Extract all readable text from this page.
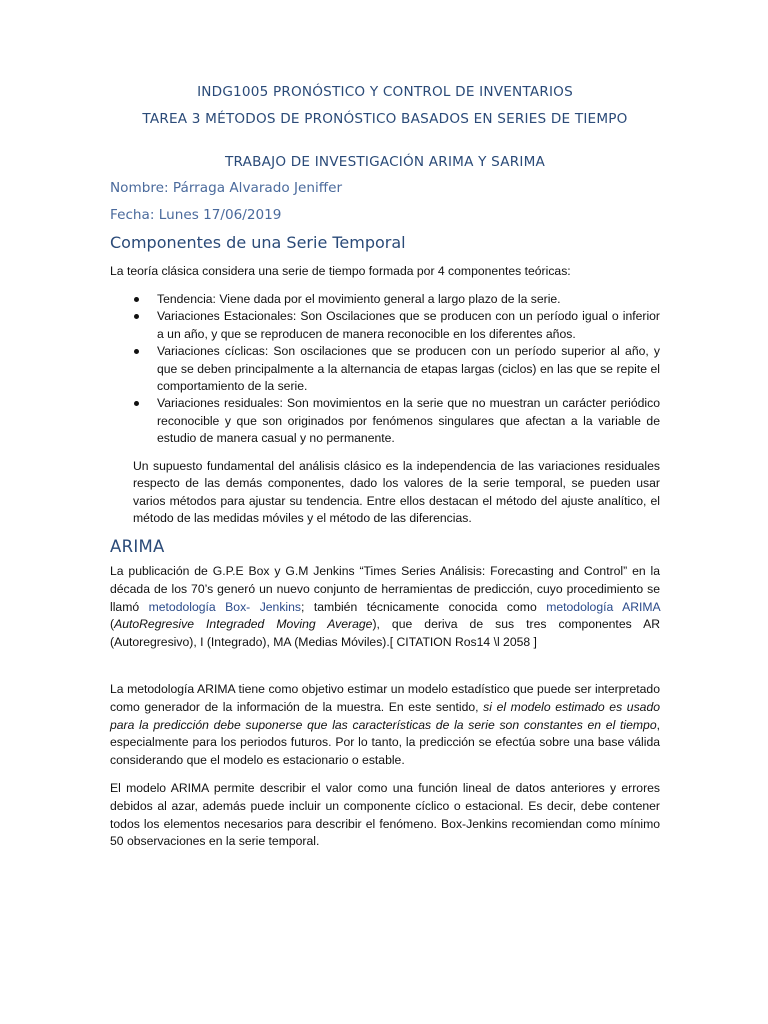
INDG1005 PRONÓSTICO Y CONTROL DE INVENTARIOS
TAREA 3 MÉTODOS DE PRONÓSTICO BASADOS EN SERIES DE TIEMPO
TRABAJO DE INVESTIGACIÓN ARIMA Y SARIMA
Nombre: Párraga Alvarado Jeniffer
Fecha: Lunes 17/06/2019
Componentes de una Serie Temporal
La teoría clásica considera una serie de tiempo formada por 4 componentes teóricas:
Tendencia: Viene dada por el movimiento general a largo plazo de la serie.
Variaciones Estacionales: Son Oscilaciones que se producen con un período igual o inferior a un año, y que se reproducen de manera reconocible en los diferentes años.
Variaciones cíclicas: Son oscilaciones que se producen con un período superior al año, y que se deben principalmente a la alternancia de etapas largas (ciclos) en las que se repite el comportamiento de la serie.
Variaciones residuales: Son movimientos en la serie que no muestran un carácter periódico reconocible y que son originados por fenómenos singulares que afectan a la variable de estudio de manera casual y no permanente.
Un supuesto fundamental del análisis clásico es la independencia de las variaciones residuales respecto de las demás componentes, dado los valores de la serie temporal, se pueden usar varios métodos para ajustar su tendencia. Entre ellos destacan el método del ajuste analítico, el método de las medidas móviles y el método de las diferencias.
ARIMA
La publicación de G.P.E Box y G.M Jenkins “Times Series Análisis: Forecasting and Control” en la década de los 70’s generó un nuevo conjunto de herramientas de predicción, cuyo procedimiento se llamó metodología Box- Jenkins; también técnicamente conocida como metodología ARIMA (AutoRegresive Integraded Moving Average), que deriva de sus tres componentes AR (Autoregresivo), I (Integrado), MA (Medias Móviles).[ CITATION Ros14 \l 2058 ]
La metodología ARIMA tiene como objetivo estimar un modelo estadístico que puede ser interpretado como generador de la información de la muestra. En este sentido, si el modelo estimado es usado para la predicción debe suponerse que las características de la serie son constantes en el tiempo, especialmente para los periodos futuros. Por lo tanto, la predicción se efectúa sobre una base válida considerando que el modelo es estacionario o estable.
El modelo ARIMA permite describir el valor como una función lineal de datos anteriores y errores debidos al azar, además puede incluir un componente cíclico o estacional. Es decir, debe contener todos los elementos necesarios para describir el fenómeno. Box-Jenkins recomiendan como mínimo 50 observaciones en la serie temporal.
